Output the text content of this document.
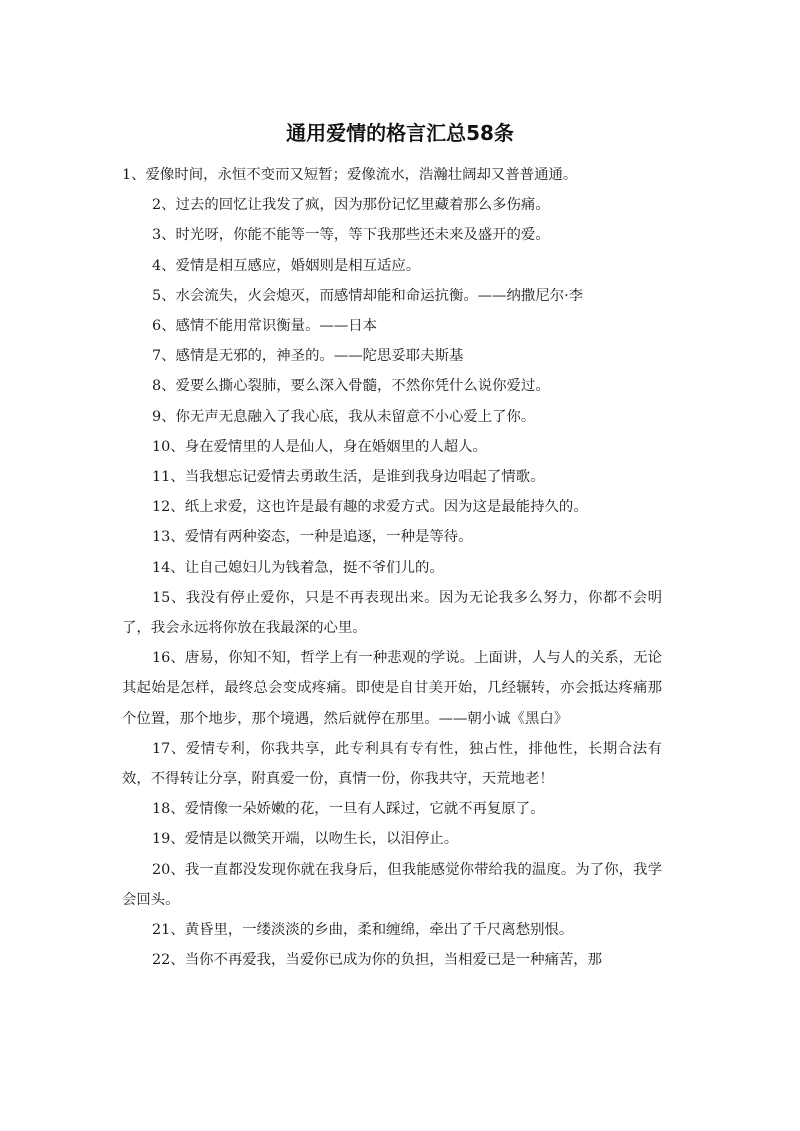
通用爱情的格言汇总58条

1、爱像时间，永恒不变而又短暂；爱像流水，浩瀚壮阔却又普普通通。

2、过去的回忆让我发了疯，因为那份记忆里藏着那么多伤痛。

3、时光呀，你能不能等一等，等下我那些还未来及盛开的爱。

4、爱情是相互感应，婚姻则是相互适应。

5、水会流失，火会熄灭，而感情却能和命运抗衡。——纳撒尼尔·李

6、感情不能用常识衡量。——日本

7、感情是无邪的，神圣的。——陀思妥耶夫斯基

8、爱要么撕心裂肺，要么深入骨髓，不然你凭什么说你爱过。

9、你无声无息融入了我心底，我从未留意不小心爱上了你。

10、身在爱情里的人是仙人，身在婚姻里的人超人。

11、当我想忘记爱情去勇敢生活，是谁到我身边唱起了情歌。

12、纸上求爱，这也许是最有趣的求爱方式。因为这是最能持久的。

13、爱情有两种姿态，一种是追逐，一种是等待。

14、让自己媳妇儿为钱着急，挺不爷们儿的。

15、我没有停止爱你，只是不再表现出来。因为无论我多么努力，你都不会明了，我会永远将你放在我最深的心里。

16、唐易，你知不知，哲学上有一种悲观的学说。上面讲，人与人的关系，无论其起始是怎样，最终总会变成疼痛。即使是自甘美开始，几经辗转，亦会抵达疼痛那个位置，那个地步，那个境遇，然后就停在那里。——朝小诚《黑白》

17、爱情专利，你我共享，此专利具有专有性，独占性，排他性，长期合法有效，不得转让分享，附真爱一份，真情一份，你我共守，天荒地老！

18、爱情像一朵娇嫩的花，一旦有人踩过，它就不再复原了。

19、爱情是以微笑开端，以吻生长，以泪停止。

20、我一直都没发现你就在我身后，但我能感觉你带给我的温度。为了你，我学会回头。

21、黄昏里，一缕淡淡的乡曲，柔和缠绵，牵出了千尺离愁别恨。

22、当你不再爱我，当爱你已成为你的负担，当相爱已是一种痛苦，那
